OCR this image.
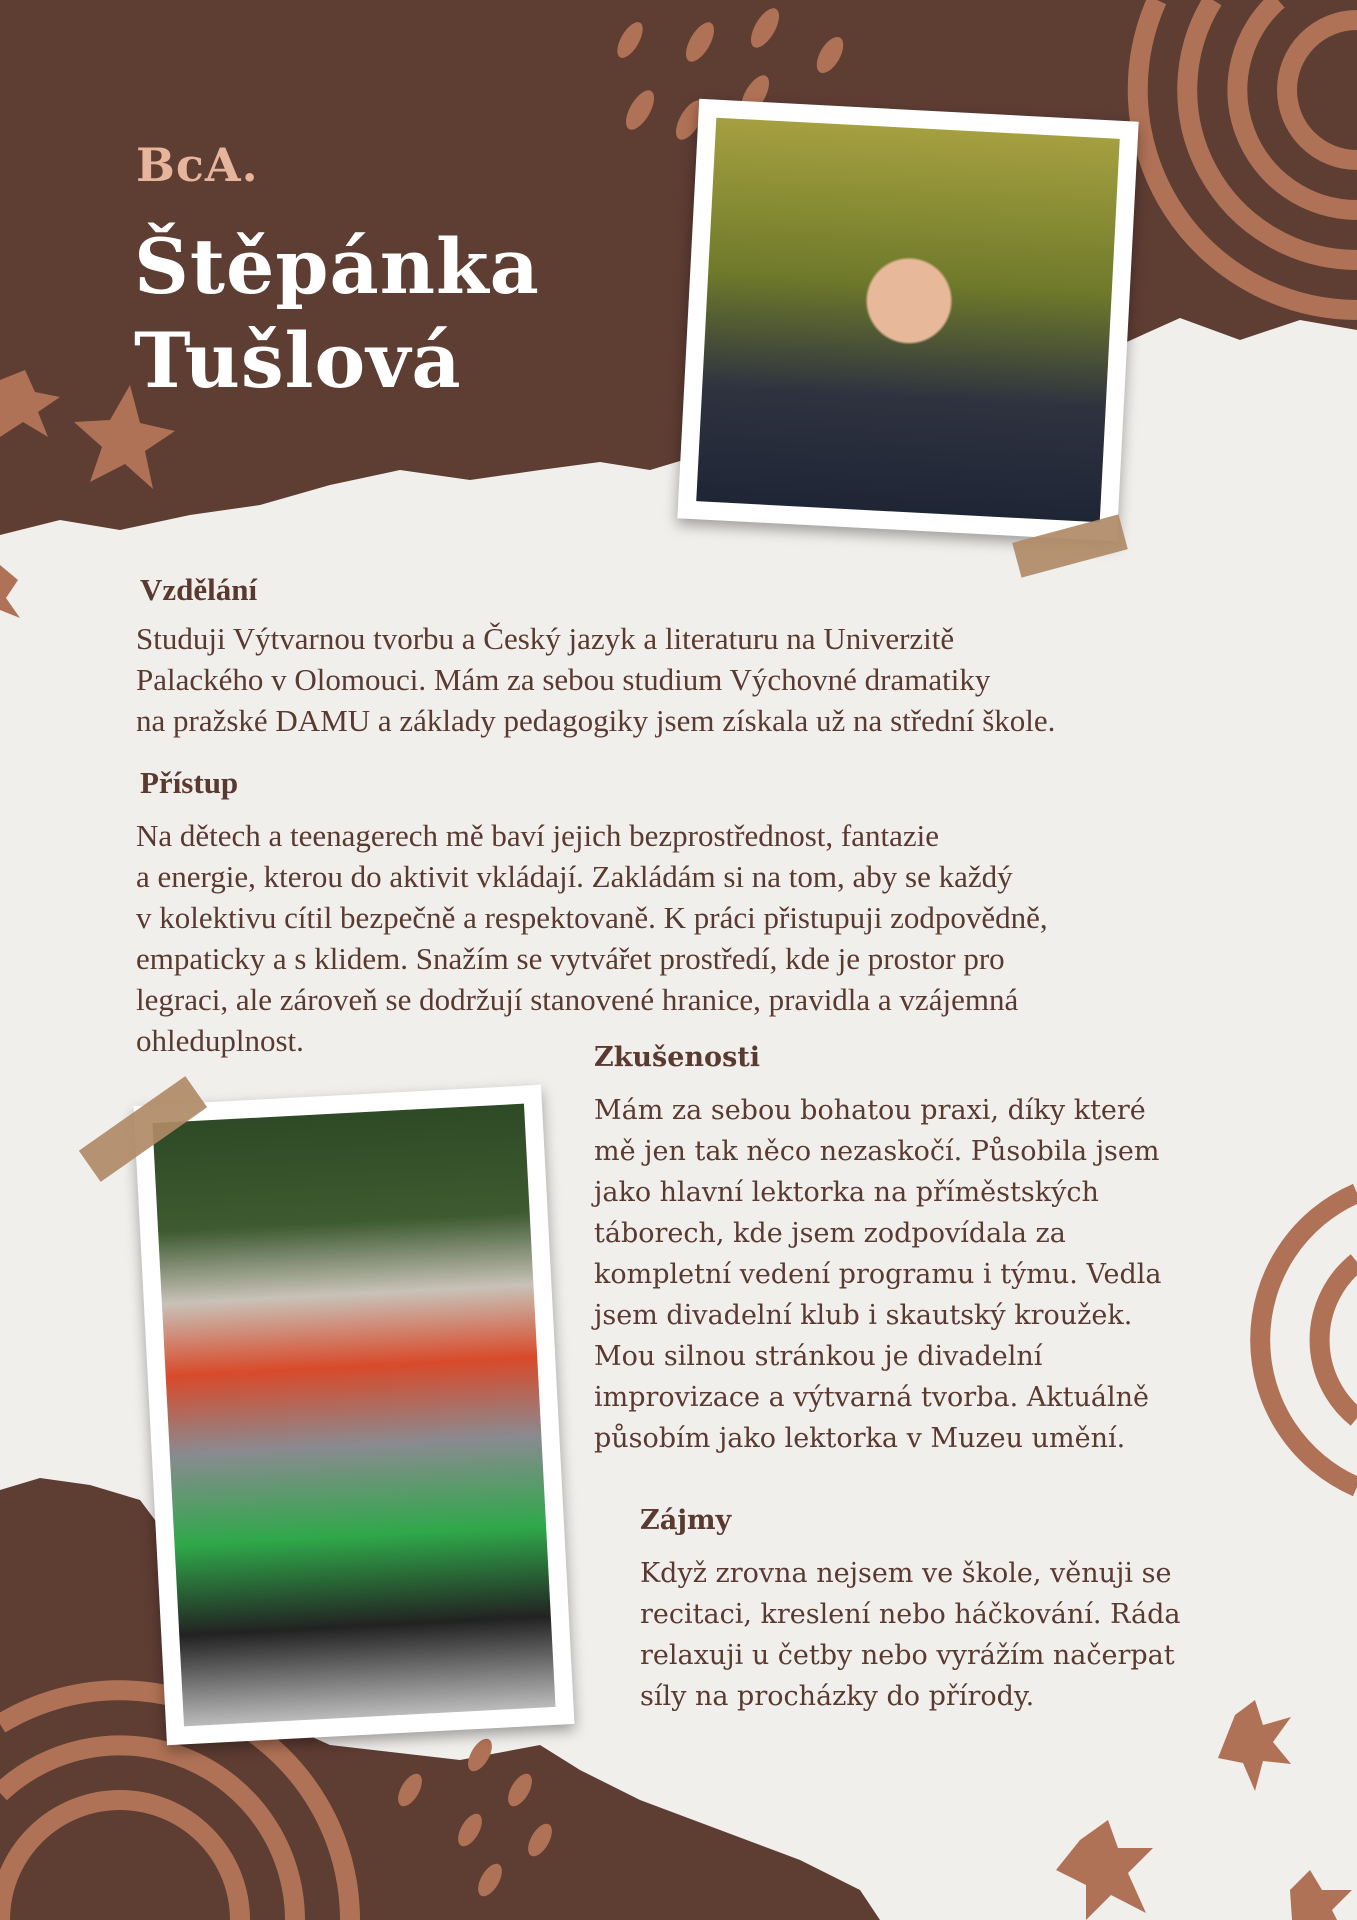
BcA.
Štěpánka
Tušlová
Vzdělání
Studuji Výtvarnou tvorbu a Český jazyk a literaturu na Univerzitě
Palackého v Olomouci. Mám za sebou studium Výchovné dramatiky
na pražské DAMU a základy pedagogiky jsem získala už na střední škole.
Přístup
Na dětech a teenagerech mě baví jejich bezprostřednost, fantazie
a energie, kterou do aktivit vkládají. Zakládám si na tom, aby se každý
v kolektivu cítil bezpečně a respektovaně. K práci přistupuji zodpovědně,
empaticky a s klidem. Snažím se vytvářet prostředí, kde je prostor pro
legraci, ale zároveň se dodržují stanovené hranice, pravidla a vzájemná
ohleduplnost.	Zkušenosti
Mám za sebou bohatou praxi, díky které
mě jen tak něco nezaskočí. Působila jsem
jako hlavní lektorka na příměstských
táborech, kde jsem zodpovídala za
kompletní vedení programu i týmu. Vedla
jsem divadelní klub i skautský kroužek.
Mou silnou stránkou je divadelní
improvizace a výtvarná tvorba. Aktuálně
působím jako lektorka v Muzeu umění.
Zájmy
Když zrovna nejsem ve škole, věnuji se
recitaci, kreslení nebo háčkování. Ráda
relaxuji u četby nebo vyrážím načerpat
síly na procházky do přírody.
